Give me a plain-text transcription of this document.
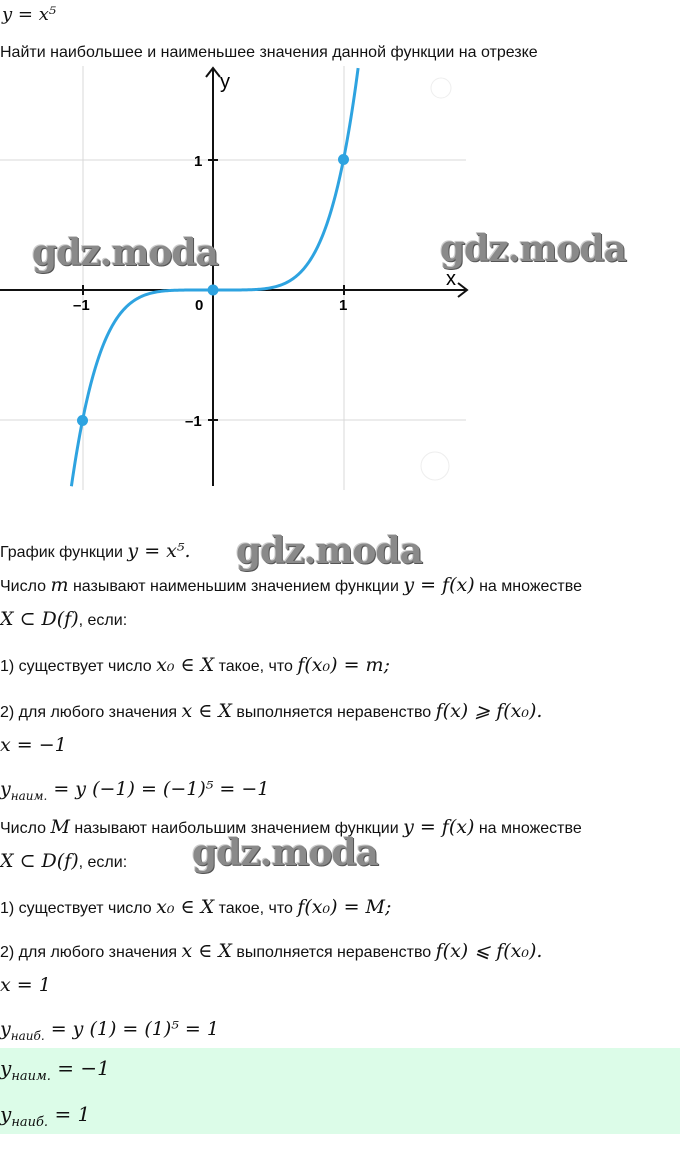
y = x⁵
Найти наибольшее и наименьшее значения данной функции на отрезке
x
y
–1	0	1
1
–1
gdz.moda	gdz.moda
gdz.moda
gdz.moda
График функции y = x⁵.
Число m называют наименьшим значением функции y = f(x) на множестве
X ⊂ D(f), если:
1) существует число x₀ ∈ X такое, что f(x₀) = m;
2) для любого значения x ∈ X выполняется неравенство f(x) ⩾ f(x₀).
x = −1
$y_{наим.} = y$ (−1) = (−1)⁵ = −1
Число M называют наибольшим значением функции y = f(x) на множестве
X ⊂ D(f), если:
1) существует число x₀ ∈ X такое, что f(x₀) = M;
2) для любого значения x ∈ X выполняется неравенство f(x) ⩽ f(x₀).
x = 1
$y_{наиб.} = y$ (1) = (1)⁵ = 1
$y_{наим.} = -1$
$y_{наиб.} = 1$
